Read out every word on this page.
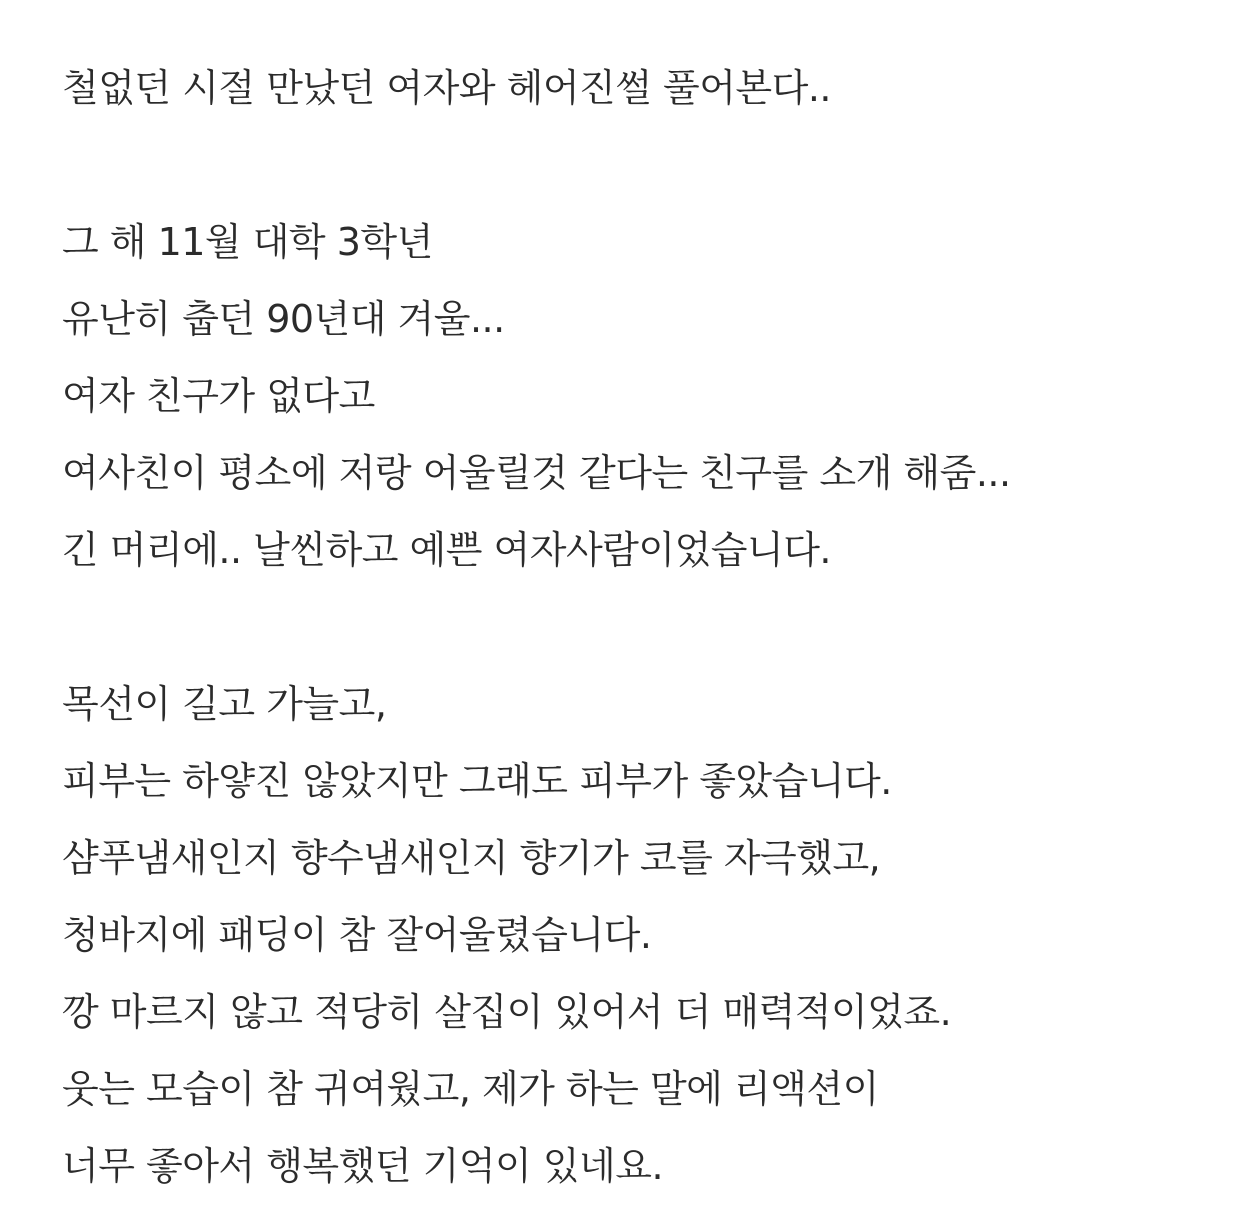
철없던 시절 만났던 여자와 헤어진썰 풀어본다..
그 해 11월 대학 3학년
유난히 춥던 90년대 겨울...
여자 친구가 없다고
여사친이 평소에 저랑 어울릴것 같다는 친구를 소개 해줌...
긴 머리에.. 날씬하고 예쁜 여자사람이었습니다.
목선이 길고 가늘고,
피부는 하얗진 않았지만 그래도 피부가 좋았습니다.
샴푸냄새인지 향수냄새인지 향기가 코를 자극했고,
청바지에 패딩이 참 잘어울렸습니다.
깡 마르지 않고 적당히 살집이 있어서 더 매력적이었죠.
웃는 모습이 참 귀여웠고, 제가 하는 말에 리액션이
너무 좋아서 행복했던 기억이 있네요.
